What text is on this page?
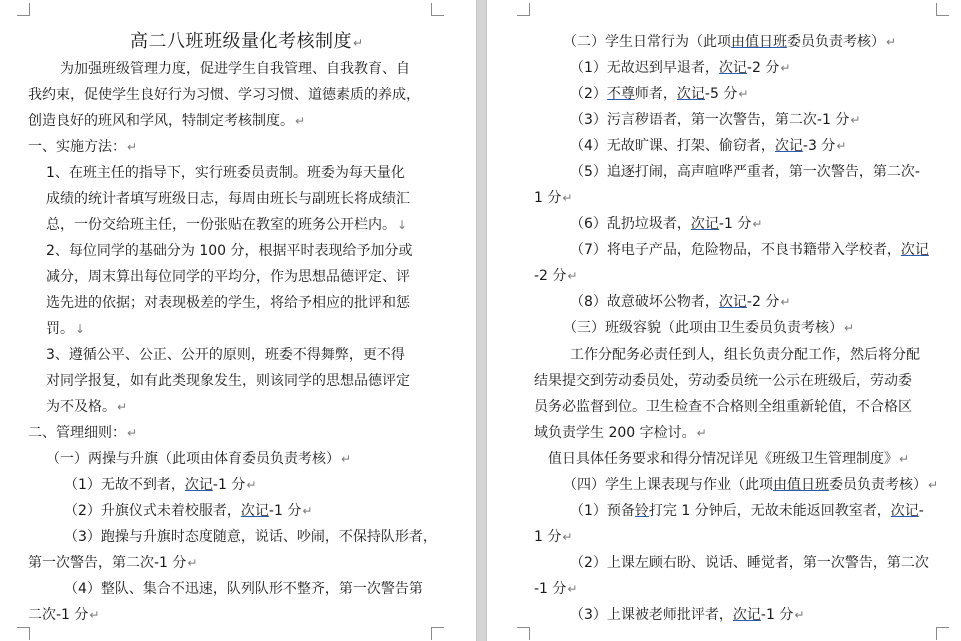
高二八班班级量化考核制度↵
为加强班级管理力度，促进学生自我管理、自我教育、自
我约束，促使学生良好行为习惯、学习习惯、道德素质的养成，
创造良好的班风和学风，特制定考核制度。↵
一、实施方法：↵
1、在班主任的指导下，实行班委员责制。班委为每天量化
成绩的统计者填写班级日志，每周由班长与副班长将成绩汇
总，一份交给班主任，一份张贴在教室的班务公开栏内。↓
2、每位同学的基础分为 100 分，根据平时表现给予加分或
减分，周末算出每位同学的平均分，作为思想品德评定、评
选先进的依据；对表现极差的学生，将给予相应的批评和惩
罚。↓
3、遵循公平、公正、公开的原则，班委不得舞弊，更不得
对同学报复，如有此类现象发生，则该同学的思想品德评定
为不及格。↵
二、管理细则：↵
（一）两操与升旗（此项由体育委员负责考核）↵
（1）无故不到者，次记-1 分↵
（2）升旗仪式未着校服者，次记-1 分↵
（3）跑操与升旗时态度随意，说话、吵闹，不保持队形者，
第一次警告，第二次-1 分↵
（4）整队、集合不迅速，队列队形不整齐，第一次警告第
二次-1 分↵
（二）学生日常行为（此项由值日班委员负责考核）↵
（1）无故迟到早退者，次记-2 分↵
（2）不尊师者，次记-5 分↵
（3）污言秽语者，第一次警告，第二次-1 分↵
（4）无故旷课、打架、偷窃者，次记-3 分↵
（5）追逐打闹，高声喧哗严重者，第一次警告，第二次-
1 分↵
（6）乱扔垃圾者，次记-1 分↵
（7）将电子产品，危险物品，不良书籍带入学校者，次记
-2 分↵
（8）故意破坏公物者，次记-2 分↵
（三）班级容貌（此项由卫生委员负责考核）↵
工作分配务必责任到人，组长负责分配工作，然后将分配
结果提交到劳动委员处，劳动委员统一公示在班级后，劳动委
员务必监督到位。卫生检查不合格则全组重新轮值，不合格区
域负责学生 200 字检讨。↵
值日具体任务要求和得分情况详见《班级卫生管理制度》↵
（四）学生上课表现与作业（此项由值日班委员负责考核）↵
（1）预备铃打完 1 分钟后，无故未能返回教室者，次记-
1 分↵
（2）上课左顾右盼、说话、睡觉者，第一次警告，第二次
-1 分↵
（3）上课被老师批评者，次记-1 分↵
